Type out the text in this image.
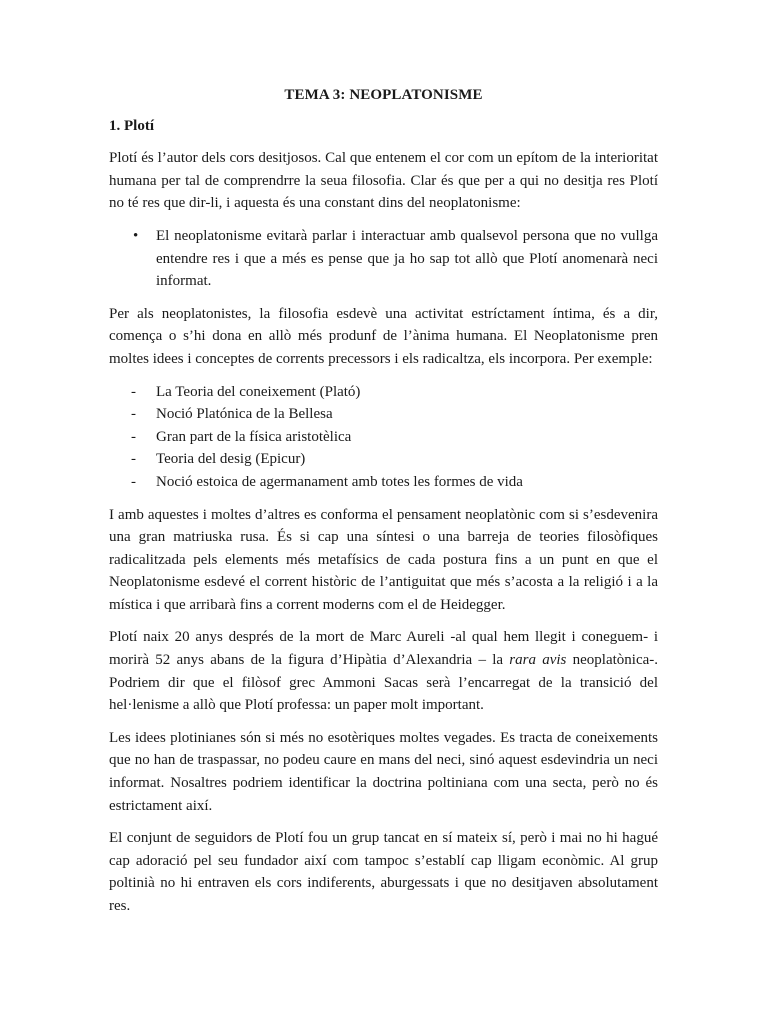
TEMA 3: NEOPLATONISME
1. Plotí

Plotí és l’autor dels cors desitjosos. Cal que entenem el cor com un epítom de la interioritat humana per tal de comprendrre la seua filosofia. Clar és que per a qui no desitja res Plotí no té res que dir-li, i aquesta és una constant dins del neoplatonisme:

• El neoplatonisme evitarà parlar i interactuar amb qualsevol persona que no vullga entendre res i que a més es pense que ja ho sap tot allò que Plotí anomenarà neci informat.

Per als neoplatonistes, la filosofia esdevè una activitat estríctament íntima, és a dir, comença o s’hi dona en allò més produnf de l’ànima humana. El Neoplatonisme pren moltes idees i conceptes de corrents precessors i els radicaltza, els incorpora. Per exemple:

- La Teoria del coneixement (Plató)
- Noció Platónica de la Bellesa
- Gran part de la física aristotèlica
- Teoria del desig (Epicur)
- Noció estoica de agermanament amb totes les formes de vida

I amb aquestes i moltes d’altres es conforma el pensament neoplatònic com si s’esdevenira una gran matriuska rusa. És si cap una síntesi o una barreja de teories filosòfiques radicalitzada pels elements més metafísics de cada postura fins a un punt en que el Neoplatonisme esdevé el corrent històric de l’antiguitat que més s’acosta a la religió i a la mística i que arribarà fins a corrent moderns com el de Heidegger.

Plotí naix 20 anys després de la mort de Marc Aureli -al qual hem llegit i coneguem- i morirà 52 anys abans de la figura d’Hipàtia d’Alexandria – la rara avis neoplatònica-. Podriem dir que el filòsof grec Ammoni Sacas serà l’encarregat de la transició del hel·lenisme a allò que Plotí professa: un paper molt important.

Les idees plotinianes són si més no esotèriques moltes vegades. Es tracta de coneixements que no han de traspassar, no podeu caure en mans del neci, sinó aquest esdevindria un neci informat. Nosaltres podriem identificar la doctrina poltiniana com una secta, però no és estrictament així.

El conjunt de seguidors de Plotí fou un grup tancat en sí mateix sí, però i mai no hi hagué cap adoració pel seu fundador així com tampoc s’establí cap lligam econòmic. Al grup poltinià no hi entraven els cors indiferents, aburgessats i que no desitjaven absolutament res.
